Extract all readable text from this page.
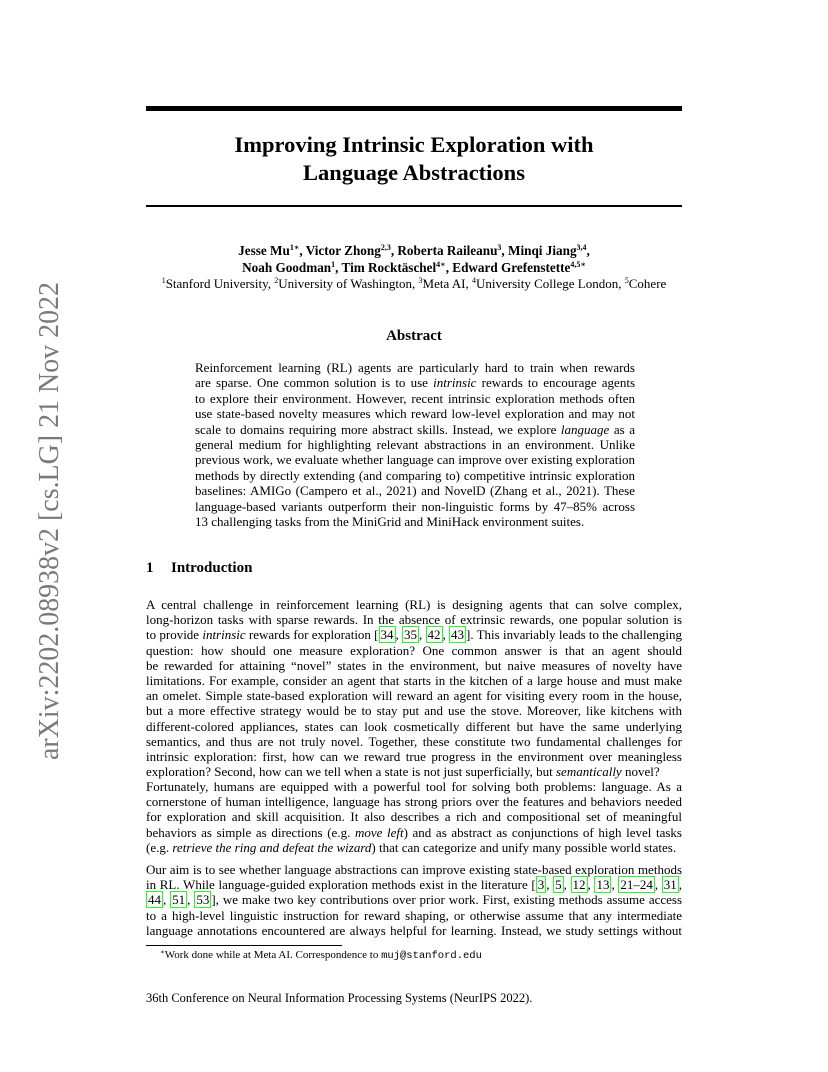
arXiv:2202.08938v2 [cs.LG] 21 Nov 2022
Improving Intrinsic Exploration with
Language Abstractions
Jesse $Mu^{1∗}$, Victor Zhong$^{2,3}$, Roberta Raileanu$^3$, Minqi Jiang$^{3,4}$,
Noah Goodman$^1$, Tim Rocktäschel$^{4∗}$, Edward Grefenstette$^{4,5∗}$
$^1$Stanford University, $^2$University of Washington, $^3$Meta AI, $^4$University College London, $^5$Cohere
Abstract
Reinforcement learning (RL) agents are particularly hard to train when rewards
are sparse. One common solution is to use intrinsic rewards to encourage agents
to explore their environment. However, recent intrinsic exploration methods often
use state-based novelty measures which reward low-level exploration and may not
scale to domains requiring more abstract skills. Instead, we explore language as a
general medium for highlighting relevant abstractions in an environment. Unlike
previous work, we evaluate whether language can improve over existing exploration
methods by directly extending (and comparing to) competitive intrinsic exploration
baselines: AMIGo (Campero et al., 2021) and NovelD (Zhang et al., 2021). These
language-based variants outperform their non-linguistic forms by 47–85% across
13 challenging tasks from the MiniGrid and MiniHack environment suites.
1 Introduction
A central challenge in reinforcement learning (RL) is designing agents that can solve complex,
long-horizon tasks with sparse rewards. In the absence of extrinsic rewards, one popular solution is
to provide intrinsic rewards for exploration [ 34 , 35 , 42 , 43 ]. This invariably leads to the challenging
question: how should one measure exploration? One common answer is that an agent should
be rewarded for attaining “novel” states in the environment, but naive measures of novelty have
limitations. For example, consider an agent that starts in the kitchen of a large house and must make
an omelet. Simple state-based exploration will reward an agent for visiting every room in the house,
but a more effective strategy would be to stay put and use the stove. Moreover, like kitchens with
different-colored appliances, states can look cosmetically different but have the same underlying
semantics, and thus are not truly novel. Together, these constitute two fundamental challenges for
intrinsic exploration: first, how can we reward true progress in the environment over meaningless
exploration? Second, how can we tell when a state is not just superficially, but semantically novel?
Fortunately, humans are equipped with a powerful tool for solving both problems: language. As a
cornerstone of human intelligence, language has strong priors over the features and behaviors needed
for exploration and skill acquisition. It also describes a rich and compositional set of meaningful
behaviors as simple as directions (e.g. move left) and as abstract as conjunctions of high level tasks
(e.g. retrieve the ring and defeat the wizard) that can categorize and unify many possible world states.
Our aim is to see whether language abstractions can improve existing state-based exploration methods
in RL. While language-guided exploration methods exist in the literature [ 3 , 5 , 12 , 13 , 21–24 , 31 ,
44 , 51 , 53 ], we make two key contributions over prior work. First, existing methods assume access
to a high-level linguistic instruction for reward shaping, or otherwise assume that any intermediate
language annotations encountered are always helpful for learning. Instead, we study settings without
∗Work done while at Meta AI. Correspondence to muj@stanford.edu
36th Conference on Neural Information Processing Systems (NeurIPS 2022).
